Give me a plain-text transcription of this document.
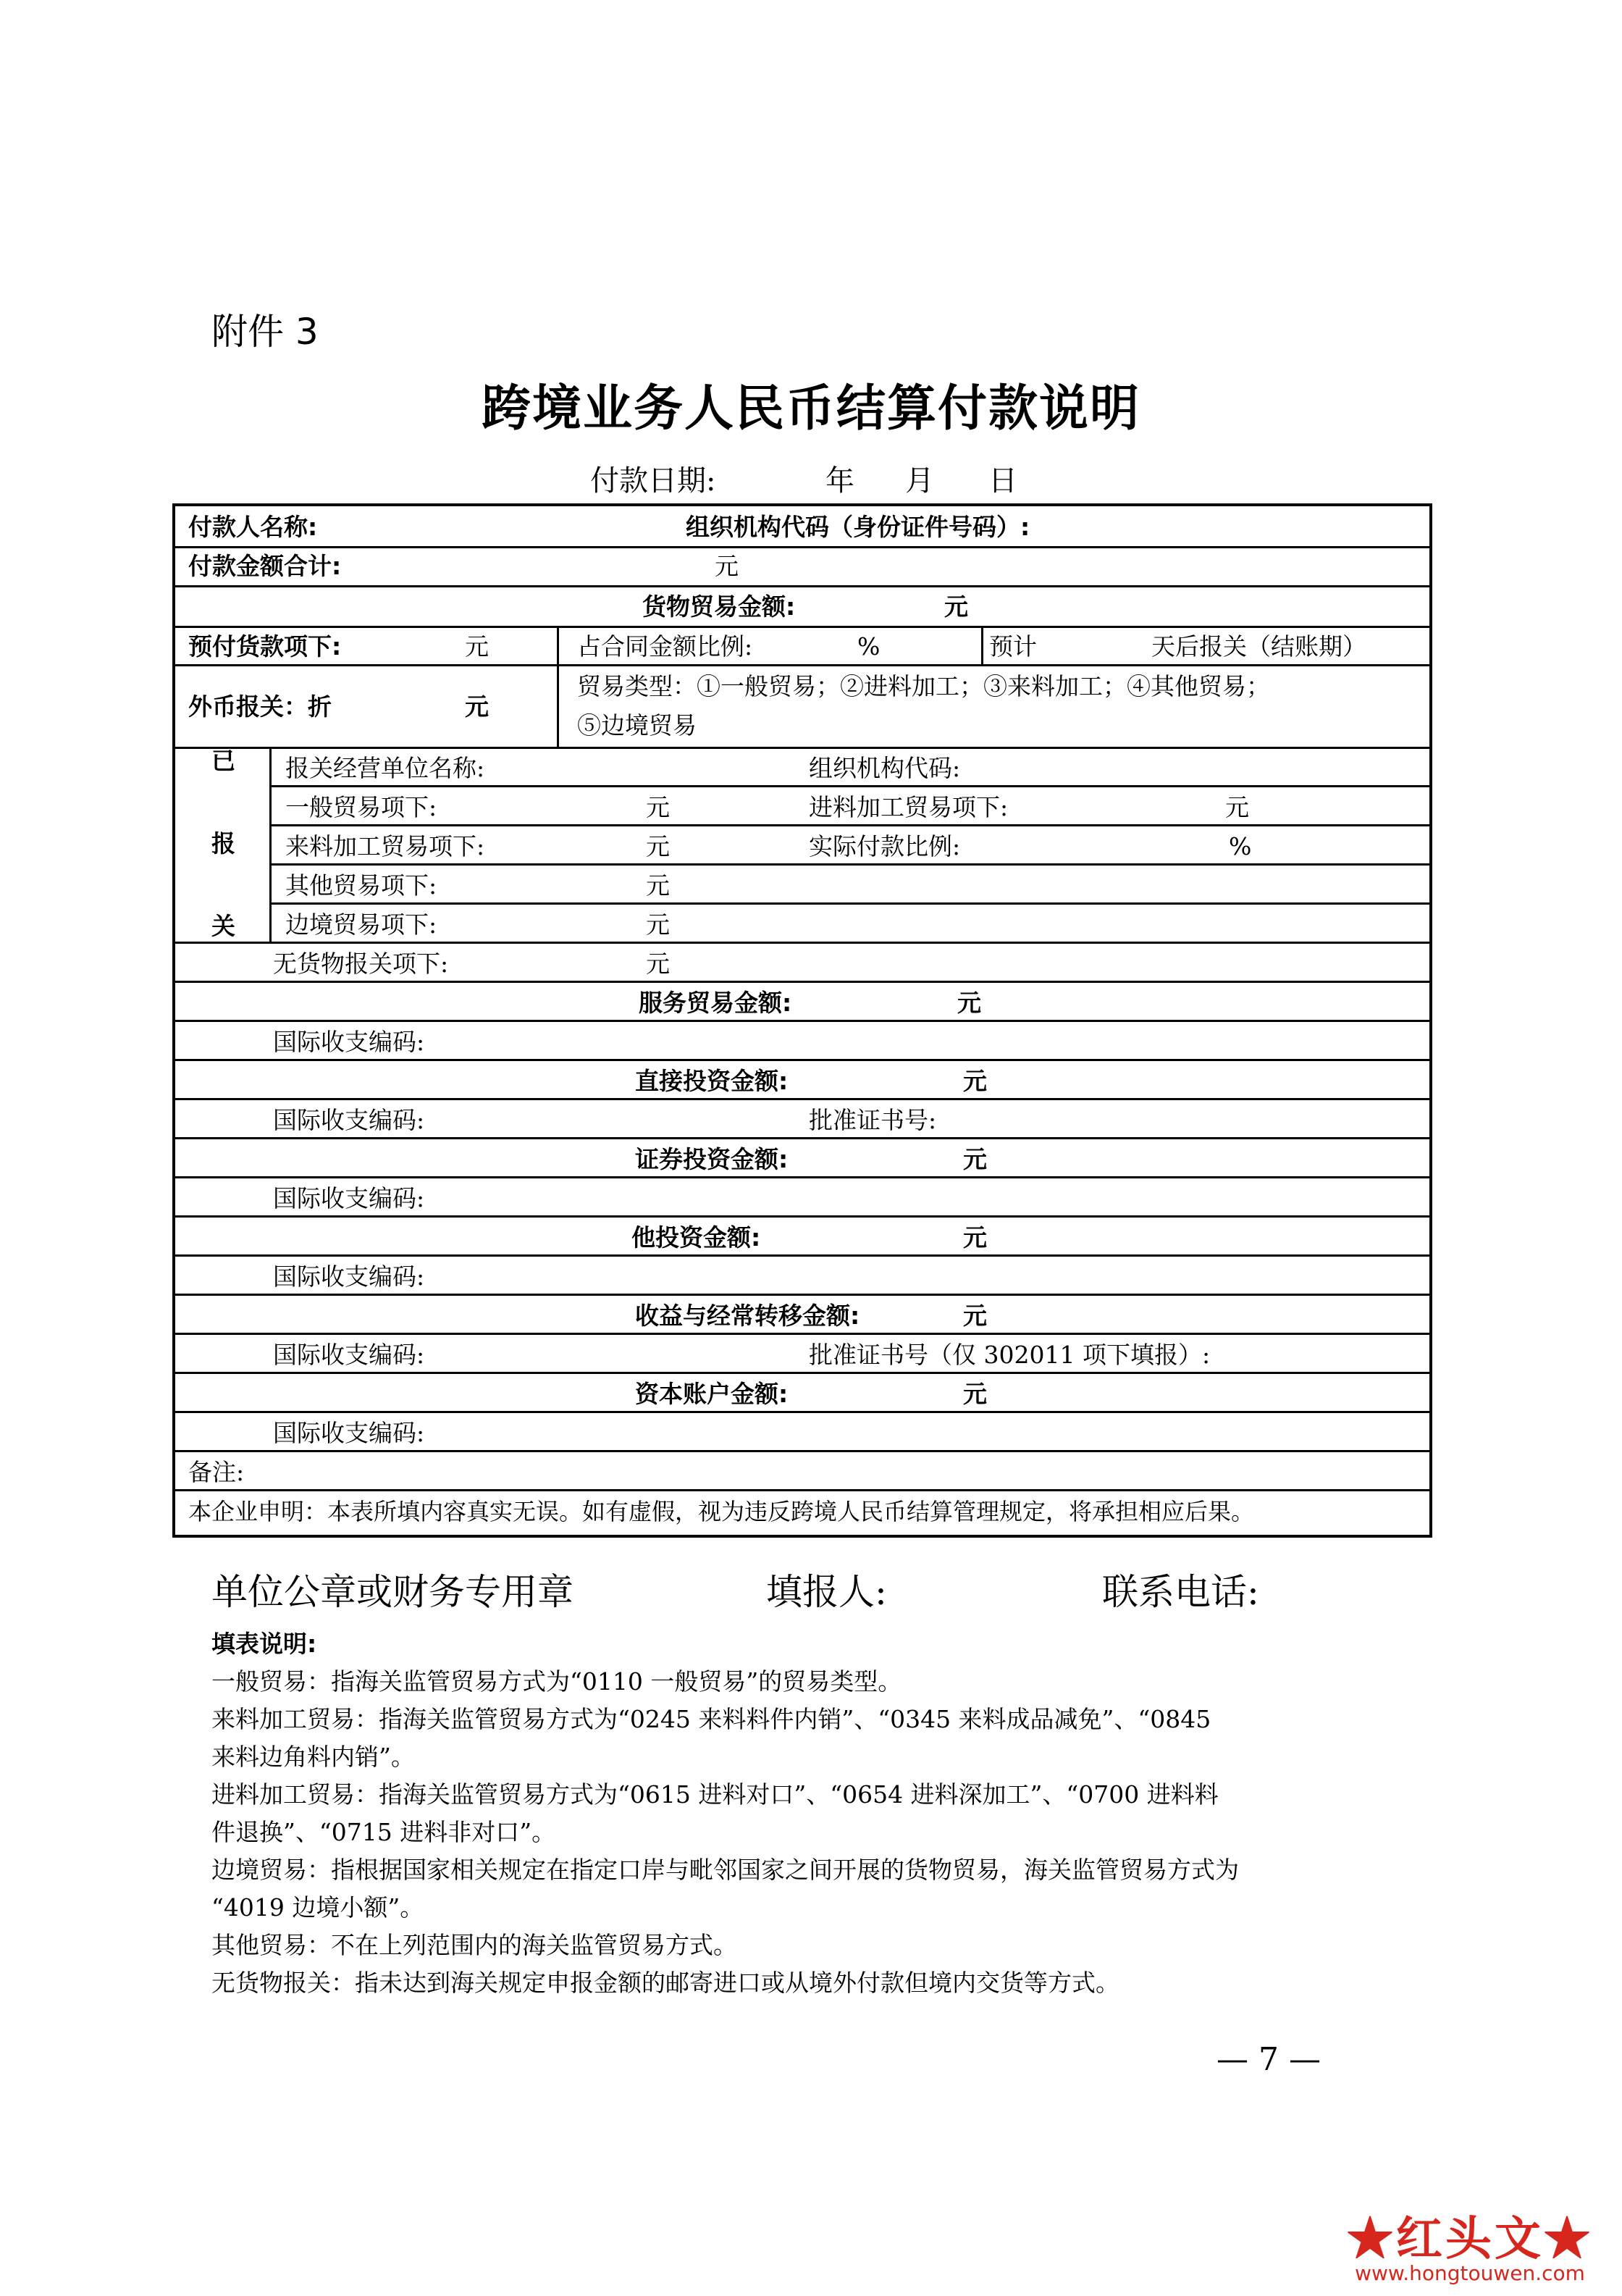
附件 3
跨境业务人民币结算付款说明
付款日期:	年 月 日
付款人名称:	组织机构代码（身份证件号码）:
付款金额合计:	元
货物贸易金额:	元
预付货款项下:	元	占合同金额比例:	%	预计	天后报关（结账期）
外币报关：折	元
贸易类型：①一般贸易；②进料加工；③来料加工；④其他贸易；
⑤边境贸易
已
报
关
报关经营单位名称:	组织机构代码:
一般贸易项下:	元	进料加工贸易项下:	元
来料加工贸易项下:	元	实际付款比例:	%
其他贸易项下:	元
边境贸易项下:	元
无货物报关项下:	元
服务贸易金额:	元
国际收支编码:
直接投资金额:	元
国际收支编码:	批准证书号:
证券投资金额:	元
国际收支编码:
他投资金额:	元
国际收支编码:
收益与经常转移金额:	元
国际收支编码:	批准证书号（仅 302011 项下填报）:
资本账户金额:	元
国际收支编码:
备注:
本企业申明：本表所填内容真实无误。如有虚假，视为违反跨境人民币结算管理规定，将承担相应后果。
单位公章或财务专用章	填报人:	联系电话:
填表说明:
一般贸易：指海关监管贸易方式为“0110 一般贸易”的贸易类型。
来料加工贸易：指海关监管贸易方式为“0245 来料料件内销”、“0345 来料成品减免”、“0845
来料边角料内销”。
进料加工贸易：指海关监管贸易方式为“0615 进料对口”、“0654 进料深加工”、“0700 进料料
件退换”、“0715 进料非对口”。
边境贸易：指根据国家相关规定在指定口岸与毗邻国家之间开展的货物贸易，海关监管贸易方式为
“4019 边境小额”。
其他贸易：不在上列范围内的海关监管贸易方式。
无货物报关：指未达到海关规定申报金额的邮寄进口或从境外付款但境内交货等方式。
— 7 —
★红头文★
www.hongtouwen.com
